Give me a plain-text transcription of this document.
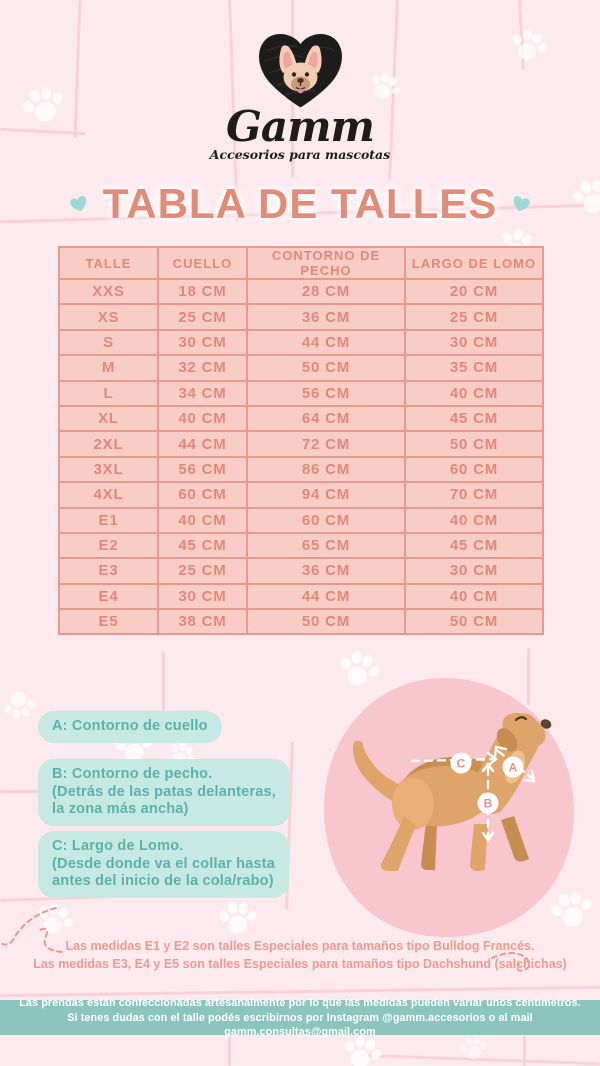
Gamm
Accesorios para mascotas
TABLA DE TALLES
TALLE	CUELLO	CONTORNO DE PECHO	LARGO DE LOMO
XXS	18 CM	28 CM	20 CM
XS	25 CM	36 CM	25 CM
S	30 CM	44 CM	30 CM
M	32 CM	50 CM	35 CM
L	34 CM	56 CM	40 CM
XL	40 CM	64 CM	45 CM
2XL	44 CM	72 CM	50 CM
3XL	56 CM	86 CM	60 CM
4XL	60 CM	94 CM	70 CM
E1	40 CM	60 CM	40 CM
E2	45 CM	65 CM	45 CM
E3	25 CM	36 CM	30 CM
E4	30 CM	44 CM	40 CM
E5	38 CM	50 CM	50 CM
A: Contorno de cuello
B: Contorno de pecho.
(Detrás de las patas delanteras,
la zona más ancha)
C: Largo de Lomo.
(Desde donde va el collar hasta
antes del inicio de la cola/rabo)
C	A
B
Las medidas E1 y E2 son talles Especiales para tamaños tipo Bulldog Francés.
Las medidas E3, E4 y E5 son talles Especiales para tamaños tipo Dachshund (salchichas)
Las prendas están confeccionadas artesanalmente por lo que las medidas pueden variar unos centímetros.
Si tenes dudas con el talle podés escribirnos por Instagram @gamm.accesorios o al mail gamm.consultas@gmail.com
